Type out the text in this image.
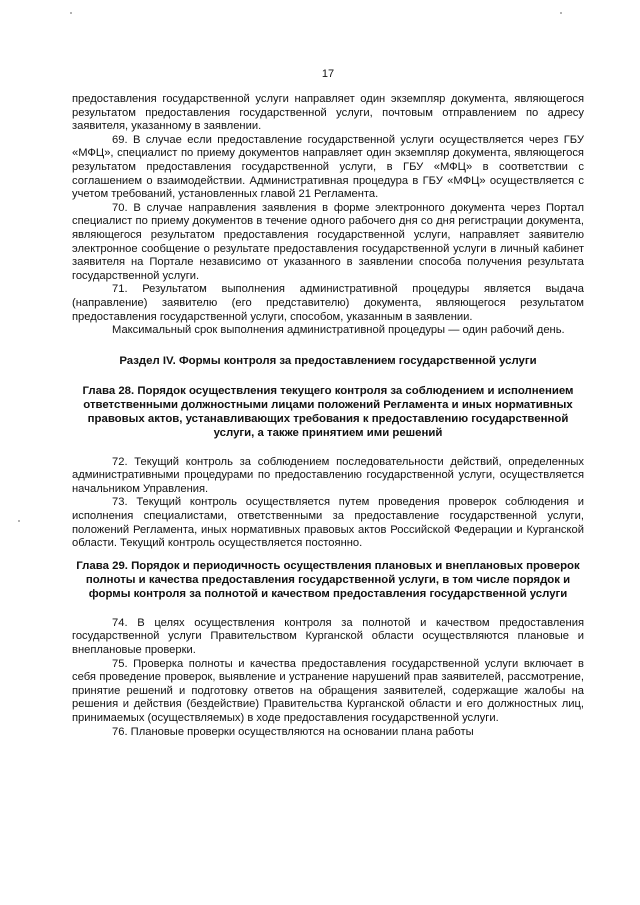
17

предоставления государственной услуги направляет один экземпляр документа, являющегося результатом предоставления государственной услуги, почтовым отправлением по адресу заявителя, указанному в заявлении.

69. В случае если предоставление государственной услуги осуществляется через ГБУ «МФЦ», специалист по приему документов направляет один экземпляр документа, являющегося результатом предоставления государственной услуги, в ГБУ «МФЦ» в соответствии с соглашением о взаимодействии. Административная процедура в ГБУ «МФЦ» осуществляется с учетом требований, установленных главой 21 Регламента.

70. В случае направления заявления в форме электронного документа через Портал специалист по приему документов в течение одного рабочего дня со дня регистрации документа, являющегося результатом предоставления государственной услуги, направляет заявителю электронное сообщение о результате предоставления государственной услуги в личный кабинет заявителя на Портале независимо от указанного в заявлении способа получения результата государственной услуги.

71. Результатом выполнения административной процедуры является выдача (направление) заявителю (его представителю) документа, являющегося результатом предоставления государственной услуги, способом, указанным в заявлении.

Максимальный срок выполнения административной процедуры — один рабочий день.

Раздел IV. Формы контроля за предоставлением государственной услуги
Глава 28. Порядок осуществления текущего контроля за соблюдением и исполнением ответственными должностными лицами положений Регламента и иных нормативных правовых актов, устанавливающих требования к предоставлению государственной услуги, а также принятием ими решений

72. Текущий контроль за соблюдением последовательности действий, определенных административными процедурами по предоставлению государственной услуги, осуществляется начальником Управления.

73. Текущий контроль осуществляется путем проведения проверок соблюдения и исполнения специалистами, ответственными за предоставление государственной услуги, положений Регламента, иных нормативных правовых актов Российской Федерации и Курганской области. Текущий контроль осуществляется постоянно.

Глава 29. Порядок и периодичность осуществления плановых и внеплановых проверок полноты и качества предоставления государственной услуги, в том числе порядок и формы контроля за полнотой и качеством предоставления государственной услуги

74. В целях осуществления контроля за полнотой и качеством предоставления государственной услуги Правительством Курганской области осуществляются плановые и внеплановые проверки.

75. Проверка полноты и качества предоставления государственной услуги включает в себя проведение проверок, выявление и устранение нарушений прав заявителей, рассмотрение, принятие решений и подготовку ответов на обращения заявителей, содержащие жалобы на решения и действия (бездействие) Правительства Курганской области и его должностных лиц, принимаемых (осуществляемых) в ходе предоставления государственной услуги.

76. Плановые проверки осуществляются на основании плана работы
